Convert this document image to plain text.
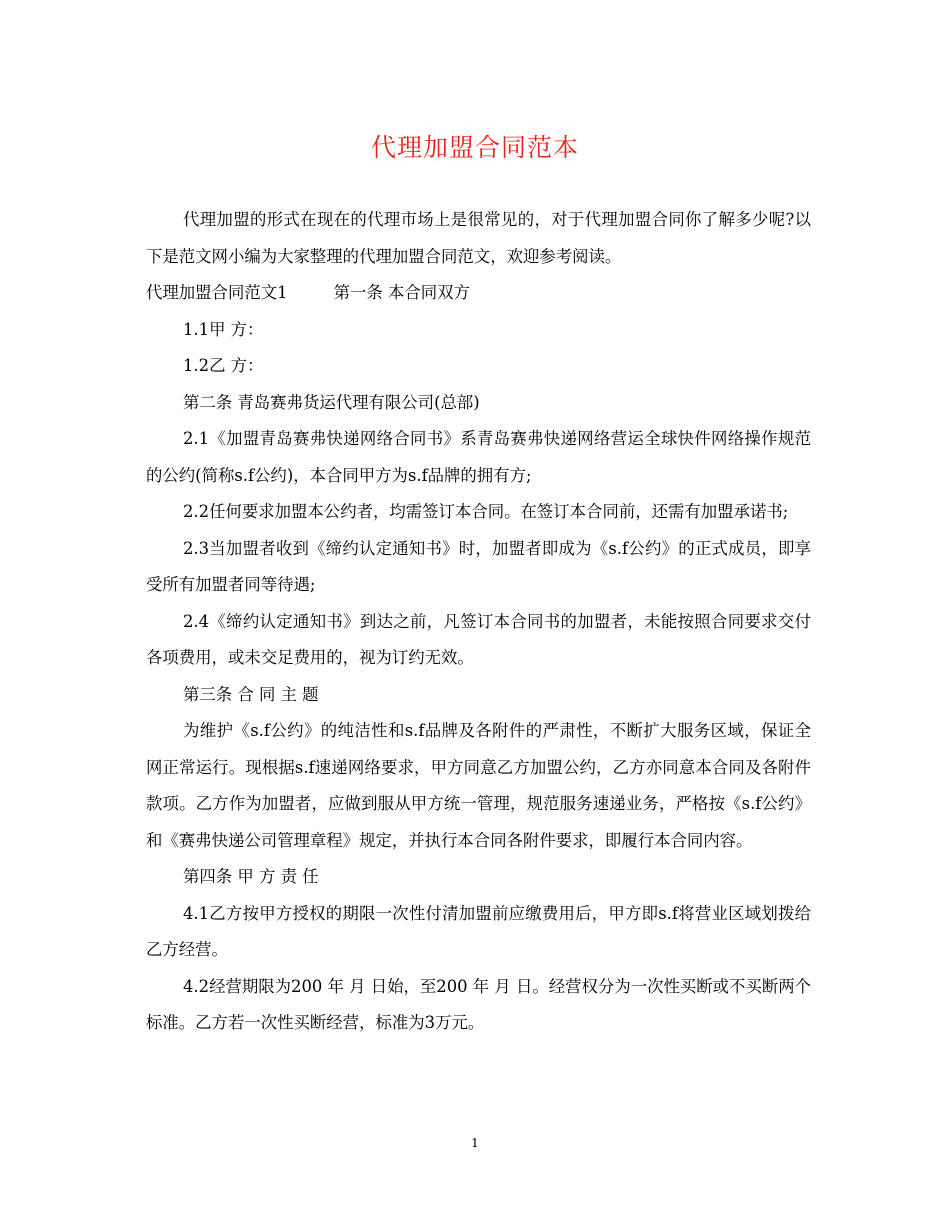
代理加盟合同范本

代理加盟的形式在现在的代理市场上是很常见的，对于代理加盟合同你了解多少呢?以下是范文网小编为大家整理的代理加盟合同范文，欢迎参考阅读。

代理加盟合同范文1	第一条 本合同双方

1.1甲 方：

1.2乙 方：

第二条 青岛赛弗货运代理有限公司(总部)

2.1《加盟青岛赛弗快递网络合同书》系青岛赛弗快递网络营运全球快件网络操作规范的公约(简称s.f公约)，本合同甲方为s.f品牌的拥有方;

2.2任何要求加盟本公约者，均需签订本合同。在签订本合同前，还需有加盟承诺书;

2.3当加盟者收到《缔约认定通知书》时，加盟者即成为《s.f公约》的正式成员，即享受所有加盟者同等待遇;

2.4《缔约认定通知书》到达之前，凡签订本合同书的加盟者，未能按照合同要求交付各项费用，或未交足费用的，视为订约无效。

第三条 合 同 主 题

为维护《s.f公约》的纯洁性和s.f品牌及各附件的严肃性，不断扩大服务区域，保证全网正常运行。现根据s.f速递网络要求，甲方同意乙方加盟公约，乙方亦同意本合同及各附件款项。乙方作为加盟者，应做到服从甲方统一管理，规范服务速递业务，严格按《s.f公约》和《赛弗快递公司管理章程》规定，并执行本合同各附件要求，即履行本合同内容。

第四条 甲 方 责 任

4.1乙方按甲方授权的期限一次性付清加盟前应缴费用后，甲方即s.f将营业区域划拨给乙方经营。

4.2经营期限为200 年 月 日始，至200 年 月 日。经营权分为一次性买断或不买断两个标准。乙方若一次性买断经营，标准为3万元。

1
